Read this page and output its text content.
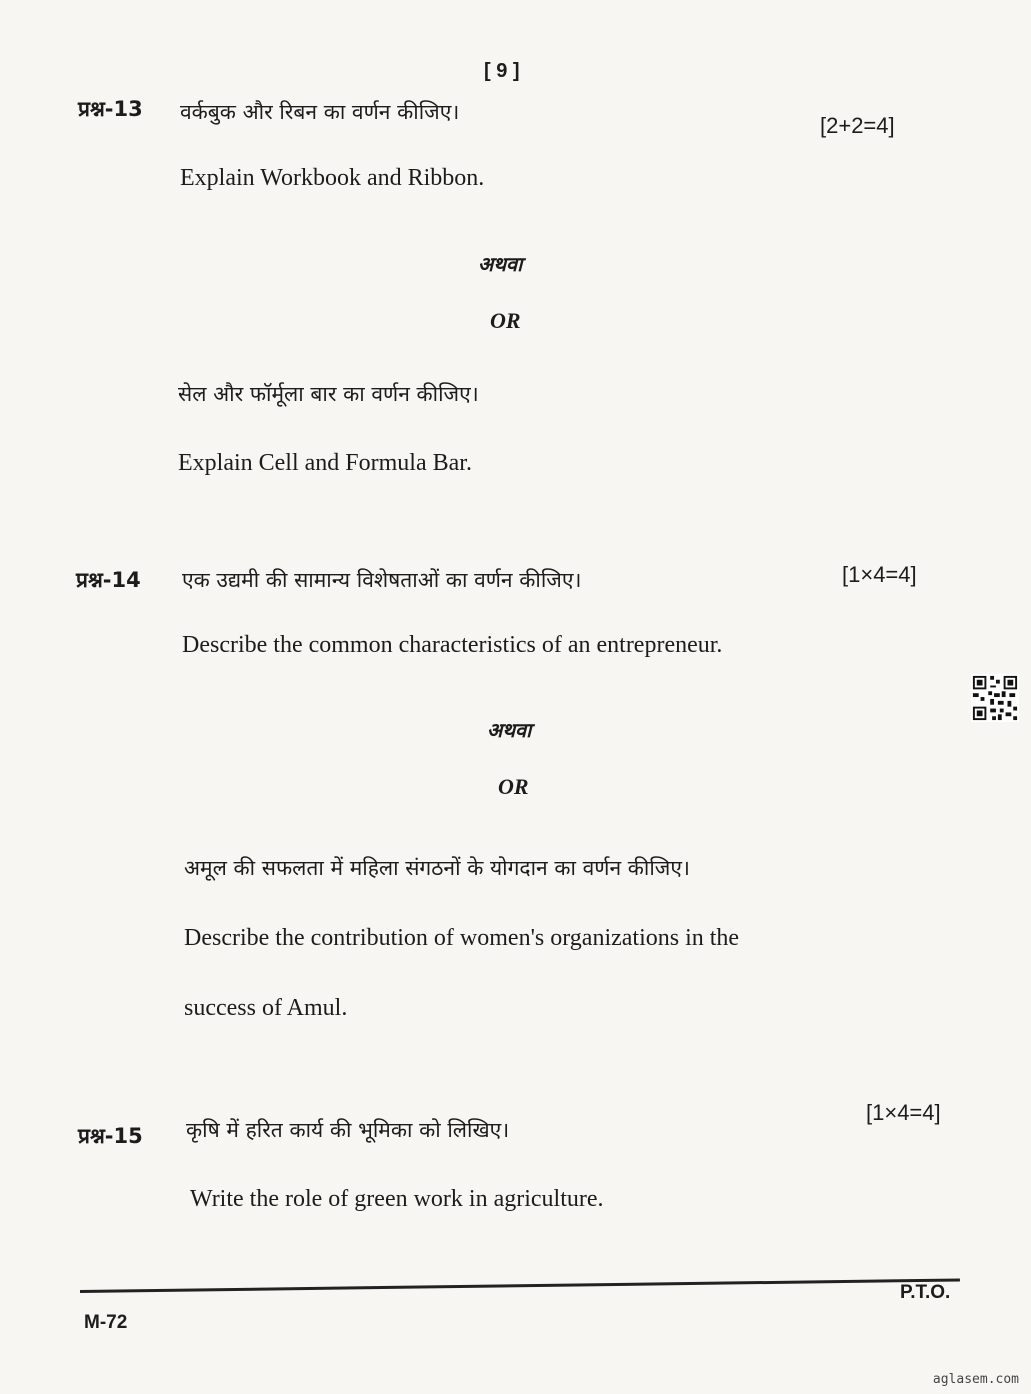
[ 9 ]
प्रश्न-13 वर्कबुक और रिबन का वर्णन कीजिए।
[2+2=4]
Explain Workbook and Ribbon.
अथवा
OR
सेल और फॉर्मूला बार का वर्णन कीजिए।
Explain Cell and Formula Bar.
प्रश्न-14 एक उद्यमी की सामान्य विशेषताओं का वर्णन कीजिए।	[1×4=4]
Describe the common characteristics of an entrepreneur.
अथवा
OR
अमूल की सफलता में महिला संगठनों के योगदान का वर्णन कीजिए।
Describe the contribution of women's organizations in the
success of Amul.
प्रश्न-15 कृषि में हरित कार्य की भूमिका को लिखिए।
[1×4=4]
Write the role of green work in agriculture.
P.T.O.
M-72
aglasem.com
